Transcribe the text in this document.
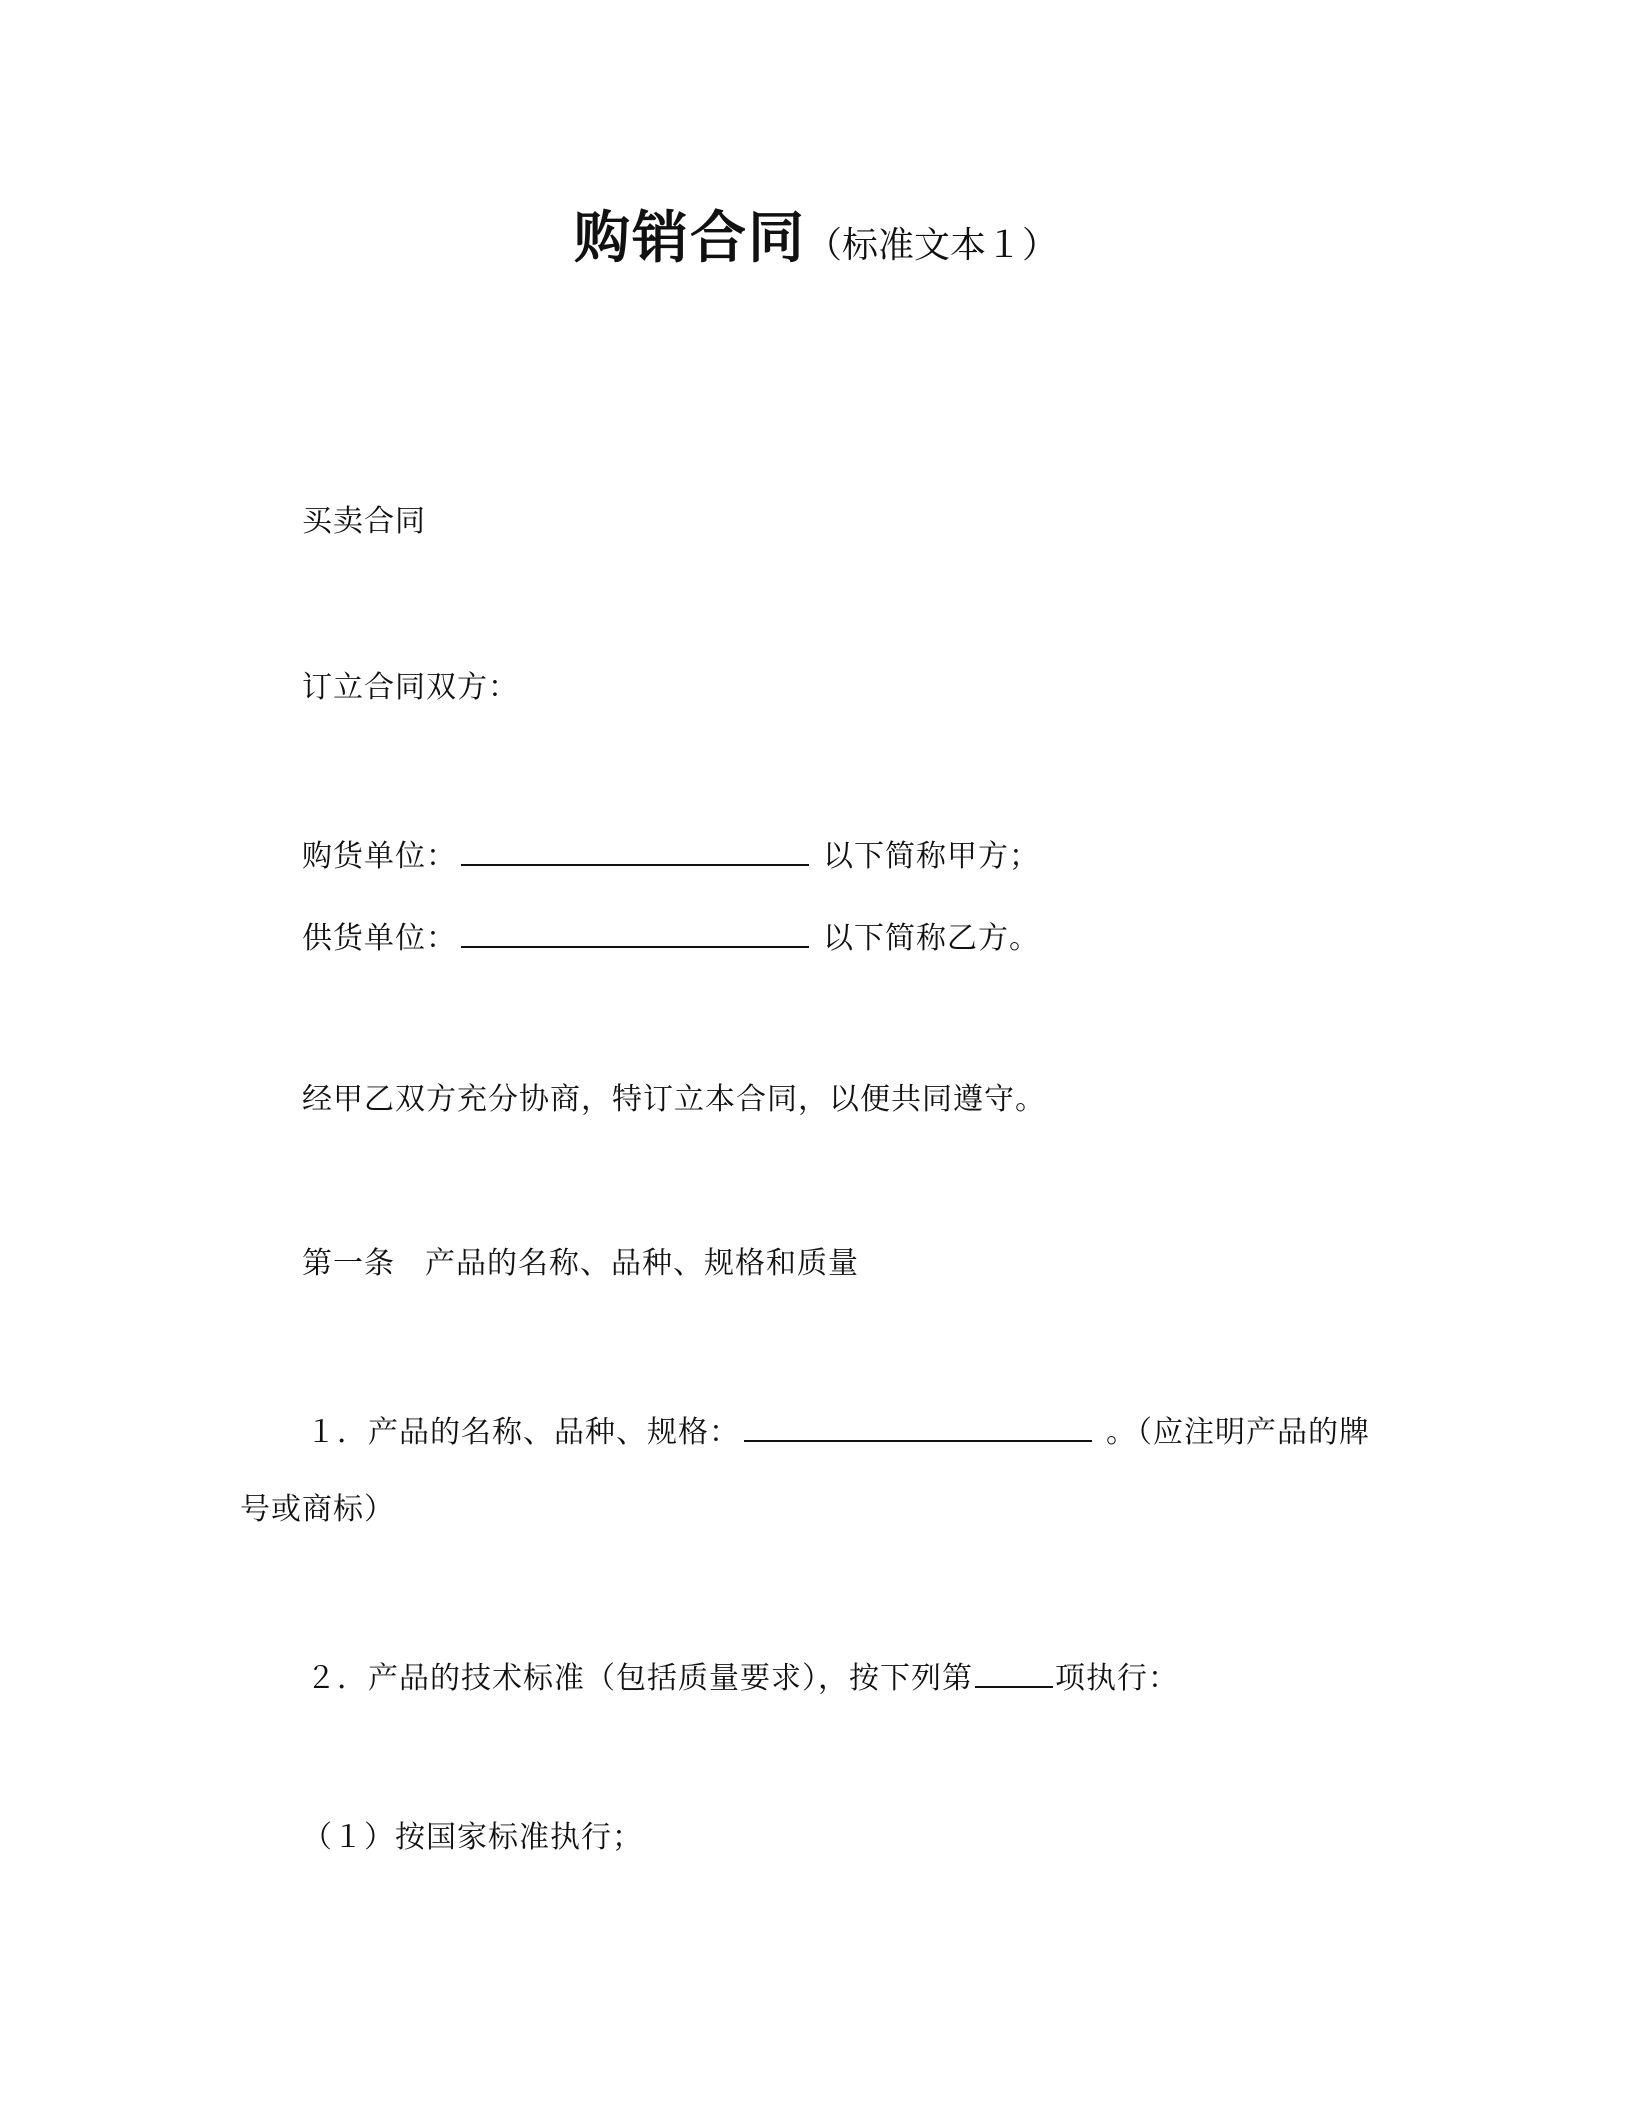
购销合同（标准文本１）
买卖合同
订立合同双方：
购货单位：	以下简称甲方；
供货单位：	以下简称乙方。
经甲乙双方充分协商，特订立本合同，以便共同遵守。
第一条 产品的名称、品种、规格和质量
１．产品的名称、品种、规格：	。（应注明产品的牌
号或商标）
２．产品的技术标准（包括质量要求），按下列第	项执行：
（１）按国家标准执行；
